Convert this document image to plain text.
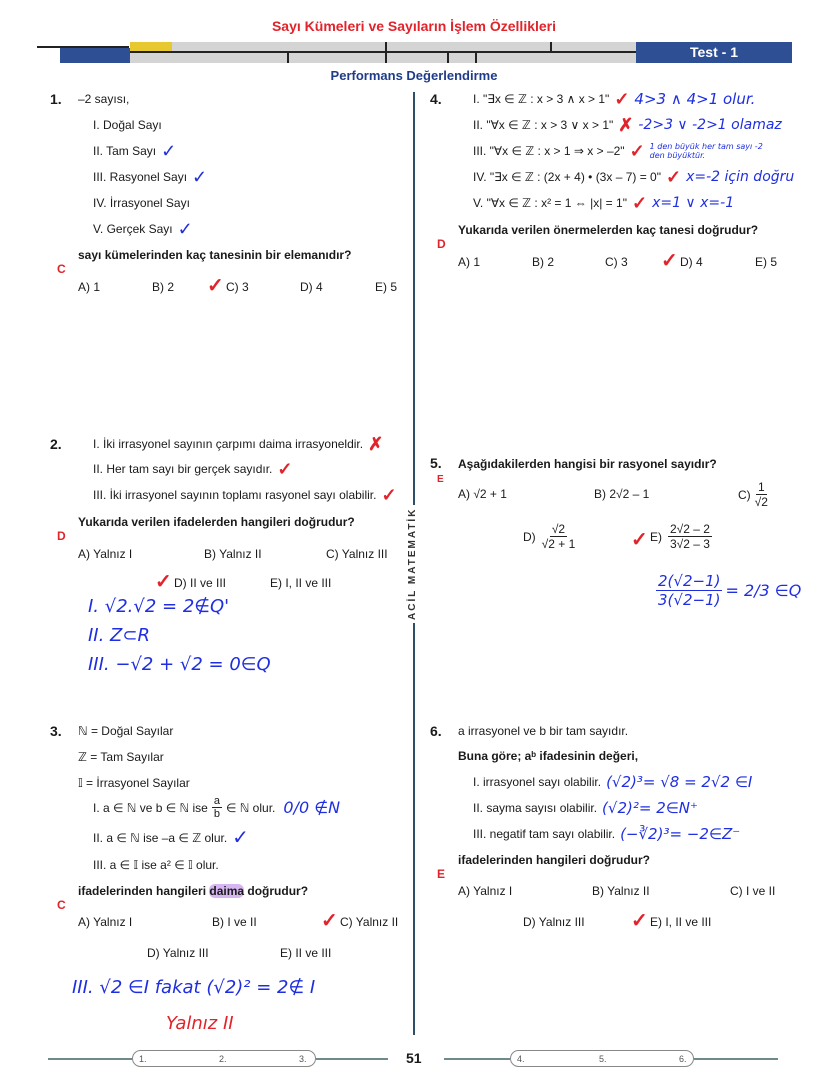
Sayı Kümeleri ve Sayıların İşlem Özellikleri
Test - 1
Performans Değerlendirme
ACİL MATEMATİK
1. –2 sayısı,
I. Doğal Sayı
II. Tam Sayı ✓
III. Rasyonel Sayı ✓
IV. İrrasyonel Sayı
V. Gerçek Sayı ✓
sayı kümelerinden kaç tanesinin bir elemanıdır?
C
A) 1	B) 2 ✓ C) 3	D) 4	E) 5
2.	I. İki irrasyonel sayının çarpımı daima irrasyoneldir. ✗
II. Her tam sayı bir gerçek sayıdır. ✓
III. İki irrasyonel sayının toplamı rasyonel sayı olabilir. ✓
Yukarıda verilen ifadelerden hangileri doğrudur?
D
A) Yalnız I	B) Yalnız II	C) Yalnız III
✓ D) II ve III	E) I, II ve III
I. √2.√2 = 2∉Q'
II. Z⊂R
III. −√2 + √2 = 0∈Q
3. ℕ = Doğal Sayılar
ℤ = Tam Sayılar
𝕀 = İrrasyonel Sayılar
I. a ∈ ℕ ve b ∈ ℕ ise $\frac{a}{b}$ ∈ ℕ olur. 0/0 ∉N
II. a ∈ ℕ ise –a ∈ ℤ olur. ✓
III. a ∈ 𝕀 ise a² ∈ 𝕀 olur.
ifadelerinden hangileri daima doğrudur?
C
A) Yalnız I	B) I ve II	✓ C) Yalnız II
D) Yalnız III	E) II ve III
III. √2 ∈I fakat (√2)² = 2∉ I
Yalnız II
4.	I. "∃x ∈ ℤ : x > 3 ∧ x > 1" ✓ 4>3 ∧ 4>1 olur.
II. "∀x ∈ ℤ : x > 3 ∨ x > 1" ✗ -2>3 ∨ -2>1 olamaz
III. "∀x ∈ ℤ : x > 1 ⇒ x > –2" ✓ 1 den büyük her tam sayı -2 den büyüktür.
IV. "∃x ∈ ℤ : (2x + 4) • (3x – 7) = 0" ✓ x=-2 için doğru
V. "∀x ∈ ℤ : x² = 1 ⇔ |x| = 1" ✓ x=1 ∨ x=-1
Yukarıda verilen önermelerden kaç tanesi doğrudur?
D
A) 1	B) 2	C) 3 ✓ D) 4	E) 5
5.
E
Aşağıdakilerden hangisi bir rasyonel sayıdır?
A) √2 + 1	B) 2√2 – 1	$C) \frac{1}{√2}$
$D) \frac{√2}{√2 + 1}$	✓ $E) \frac{2√2 - 2}{3√2 - 3}$
$\frac{2(√2-1)}{3(√2-1)} = 2/3$ ∈Q
6. a irrasyonel ve b bir tam sayıdır.
Buna göre; aᵇ ifadesinin değeri,
I. irrasyonel sayı olabilir. (√2)³= √8 = 2√2 ∈I
II. sayma sayısı olabilir. (√2)²= 2∈N⁺
III. negatif tam sayı olabilir. (−∛2)³= −2∈Z⁻
ifadelerinden hangileri doğrudur?
E
A) Yalnız I	B) Yalnız II	C) I ve II
D) Yalnız III ✓ E) I, II ve III
1.	2.	3.	51	4.	5.	6.
